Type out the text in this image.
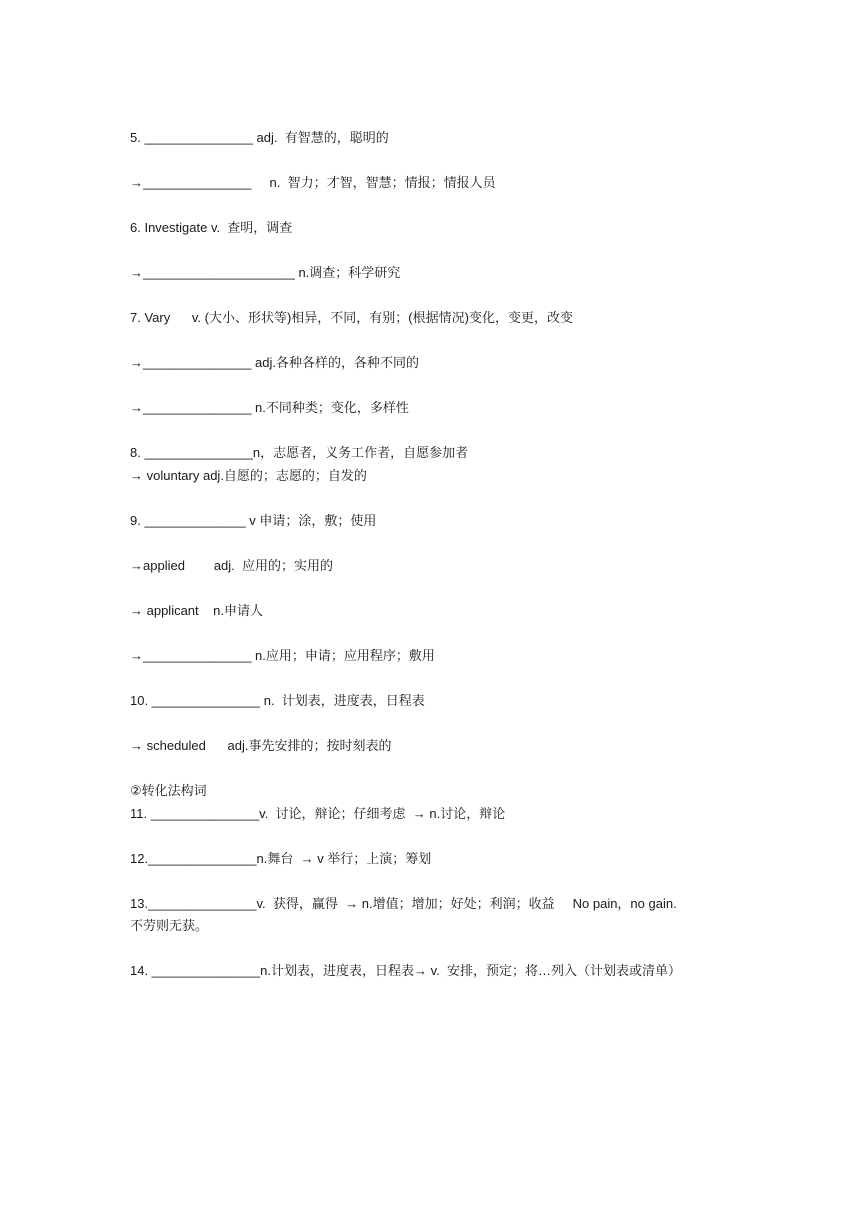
5. _______________ adj.  有智慧的，聪明的

→_______________     n.  智力；才智，智慧；情报；情报人员

6. Investigate v.  查明，调查

→_____________________ n.调查；科学研究

7. Vary      v. (大小、形状等)相异，不同，有别；(根据情况)变化，变更，改变

→_______________ adj.各种各样的，各种不同的

→_______________ n.不同种类；变化，多样性

8. _______________n，志愿者，义务工作者，自愿参加者

→ voluntary adj.自愿的；志愿的；自发的

9. ______________ v 申请；涂，敷；使用

→applied        adj.  应用的；实用的

→ applicant    n.申请人

→_______________ n.应用；申请；应用程序；敷用

10. _______________ n.  计划表，进度表，日程表

→ scheduled      adj.事先安排的；按时刻表的

②转化法构词

11. _______________v.  讨论，辩论；仔细考虑  → n.讨论，辩论

12._______________n.舞台  → v 举行；上演；筹划

13._______________v.  获得，赢得  → n.增值；增加；好处；利润；收益     No pain，no gain.

不劳则无获。

14. _______________n.计划表，进度表，日程表→ v.  安排，预定；将…列入（计划表或清单）
